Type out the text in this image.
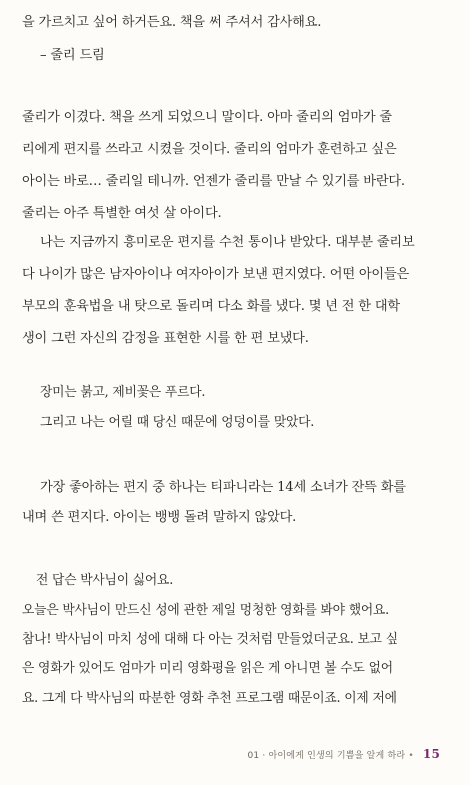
을 가르치고 싶어 하거든요. 책을 써 주셔서 감사해요.
– 줄리 드림
줄리가 이겼다. 책을 쓰게 되었으니 말이다. 아마 줄리의 엄마가 줄
리에게 편지를 쓰라고 시켰을 것이다. 줄리의 엄마가 훈련하고 싶은
아이는 바로… 줄리일 테니까. 언젠가 줄리를 만날 수 있기를 바란다.
줄리는 아주 특별한 여섯 살 아이다.
나는 지금까지 흥미로운 편지를 수천 통이나 받았다. 대부분 줄리보
다 나이가 많은 남자아이나 여자아이가 보낸 편지였다. 어떤 아이들은
부모의 훈육법을 내 탓으로 돌리며 다소 화를 냈다. 몇 년 전 한 대학
생이 그런 자신의 감정을 표현한 시를 한 편 보냈다.
장미는 붉고, 제비꽃은 푸르다.
그리고 나는 어릴 때 당신 때문에 엉덩이를 맞았다.
가장 좋아하는 편지 중 하나는 티파니라는 14세 소녀가 잔뜩 화를
내며 쓴 편지다. 아이는 뱅뱅 돌려 말하지 않았다.
전 답슨 박사님이 싫어요.
오늘은 박사님이 만드신 성에 관한 제일 멍청한 영화를 봐야 했어요.
참나! 박사님이 마치 성에 대해 다 아는 것처럼 만들었더군요. 보고 싶
은 영화가 있어도 엄마가 미리 영화평을 읽은 게 아니면 볼 수도 없어
요. 그게 다 박사님의 따분한 영화 추천 프로그램 때문이죠. 이제 저에
01 · 아이에게 인생의 기쁨을 알게 하라 • 15
